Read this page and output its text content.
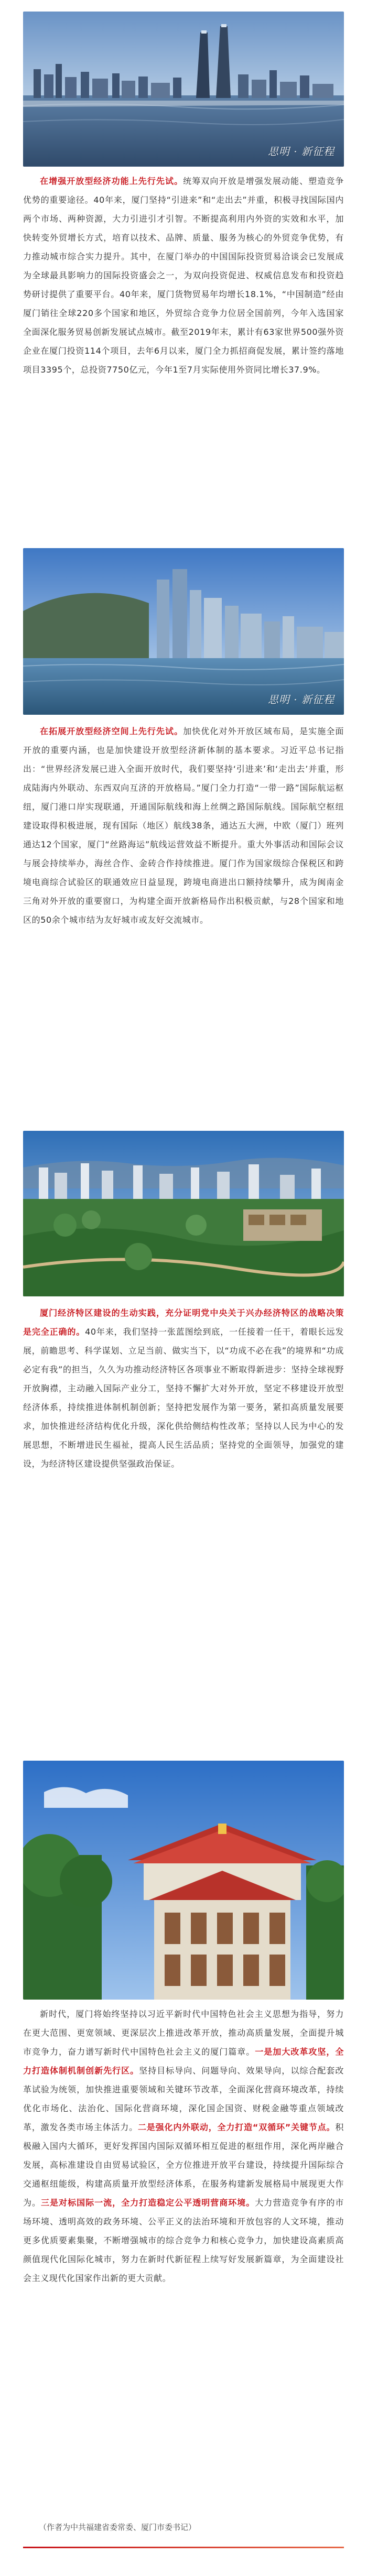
思明 · 新征程

在增强开放型经济功能上先行先试。统筹双向开放是增强发展动能、塑造竞争优势的重要途径。40年来，厦门坚持“引进来”和“走出去”并重，积极寻找国际国内两个市场、两种资源，大力引进引才引智。不断提高利用内外资的实效和水平，加快转变外贸增长方式，培育以技术、品牌、质量、服务为核心的外贸竞争优势，有力推动城市综合实力提升。其中，在厦门举办的中国国际投资贸易洽谈会已发展成为全球最具影响力的国际投资盛会之一，为双向投资促进、权威信息发布和投资趋势研讨提供了重要平台。40年来，厦门货物贸易年均增长18.1%，“中国制造”经由厦门销往全球220多个国家和地区，外贸综合竞争力位居全国前列，今年入选国家全面深化服务贸易创新发展试点城市。截至2019年末，累计有63家世界500强外资企业在厦门投资114个项目，去年6月以来，厦门全力抓招商促发展，累计签约落地项目3395个，总投资7750亿元，今年1至7月实际使用外资同比增长37.9%。

思明 · 新征程

在拓展开放型经济空间上先行先试。加快优化对外开放区域布局，是实施全面开放的重要内涵，也是加快建设开放型经济新体制的基本要求。习近平总书记指出：“世界经济发展已进入全面开放时代，我们要坚持‘引进来’和‘走出去’并重，形成陆海内外联动、东西双向互济的开放格局。”厦门全力打造“一带一路”国际航运枢纽，厦门港口岸实现联通，开通国际航线和海上丝绸之路国际航线。国际航空枢纽建设取得积极进展，现有国际（地区）航线38条，通达五大洲，中欧（厦门）班列通达12个国家，厦门“丝路海运”航线运营效益不断提升。重大外事活动和国际会议与展会持续举办，海丝合作、金砖合作持续推进。厦门作为国家级综合保税区和跨境电商综合试验区的联通效应日益显现，跨境电商进出口额持续攀升，成为闽南金三角对外开放的重要窗口，为构建全面开放新格局作出积极贡献，与28个国家和地区的50余个城市结为友好城市或友好交流城市。

厦门经济特区建设的生动实践，充分证明党中央关于兴办经济特区的战略决策是完全正确的。40年来，我们坚持一张蓝图绘到底，一任接着一任干，着眼长远发展，前瞻思考、科学谋划、立足当前、做实当下，以“功成不必在我”的境界和“功成必定有我”的担当，久久为功推动经济特区各项事业不断取得新进步：坚持全球视野开放胸襟，主动融入国际产业分工，坚持不懈扩大对外开放，坚定不移建设开放型经济体系，持续推进体制机制创新；坚持把发展作为第一要务，紧扣高质量发展要求，加快推进经济结构优化升级，深化供给侧结构性改革；坚持以人民为中心的发展思想，不断增进民生福祉，提高人民生活品质；坚持党的全面领导，加强党的建设，为经济特区建设提供坚强政治保证。

新时代，厦门将始终坚持以习近平新时代中国特色社会主义思想为指导，努力在更大范围、更宽领域、更深层次上推进改革开放，推动高质量发展，全面提升城市竞争力，奋力谱写新时代中国特色社会主义的厦门篇章。一是加大改革攻坚，全力打造体制机制创新先行区。坚持目标导向、问题导向、效果导向，以综合配套改革试验为统领，加快推进重要领域和关键环节改革，全面深化营商环境改革，持续优化市场化、法治化、国际化营商环境，深化国企国资、财税金融等重点领域改革，激发各类市场主体活力。二是强化内外联动，全力打造“双循环”关键节点。积极融入国内大循环，更好发挥国内国际双循环相互促进的枢纽作用，深化两岸融合发展，高标准建设自由贸易试验区，全方位推进开放平台建设，持续提升国际综合交通枢纽能级，构建高质量开放型经济体系，在服务构建新发展格局中展现更大作为。三是对标国际一流，全力打造稳定公平透明营商环境。大力营造竞争有序的市场环境、透明高效的政务环境、公平正义的法治环境和开放包容的人文环境，推动更多优质要素集聚，不断增强城市的综合竞争力和核心竞争力，加快建设高素质高颜值现代化国际化城市，努力在新时代新征程上续写好发展新篇章，为全面建设社会主义现代化国家作出新的更大贡献。

（作者为中共福建省委常委、厦门市委书记）
